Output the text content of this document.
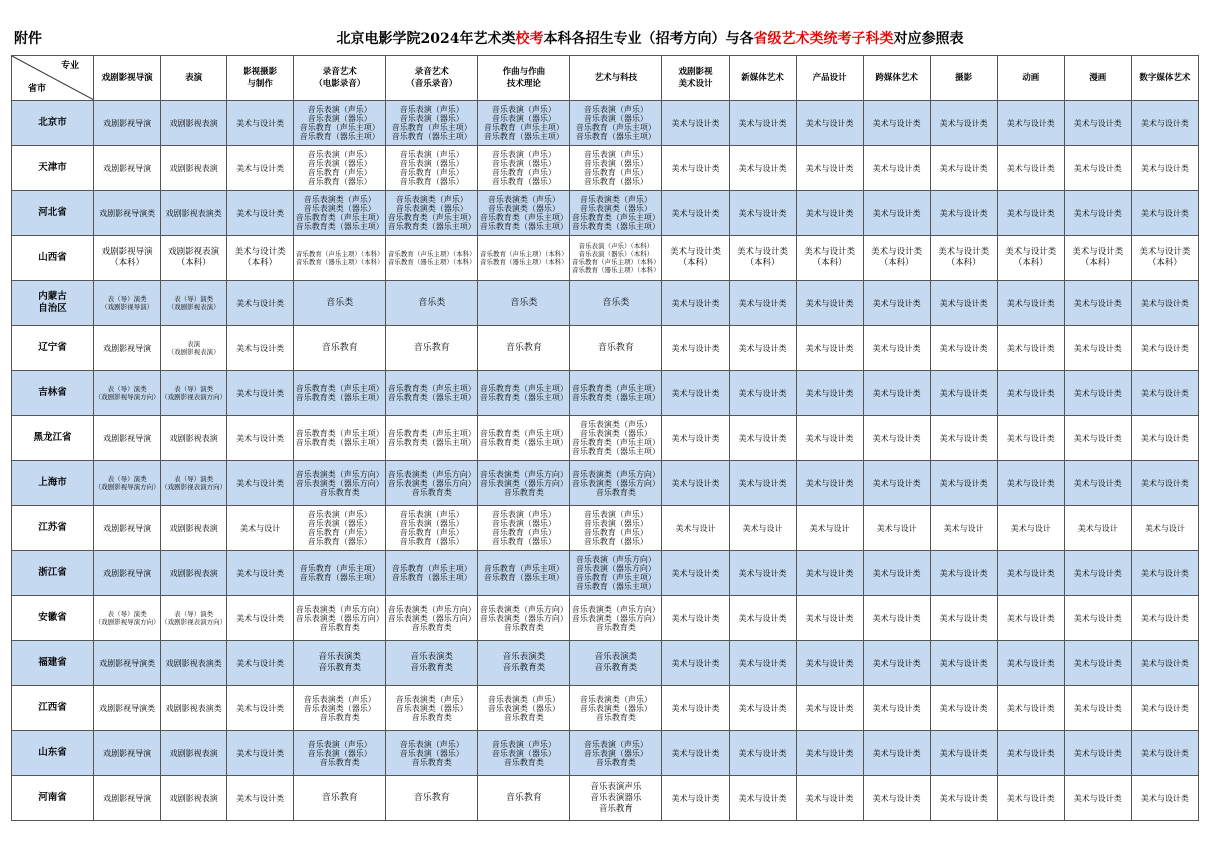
附件	北京电影学院2024年艺术类校考本科各招生专业（招考方向）与各省级艺术类统考子科类对应参照表
专业
省市	戏剧影视导演	表演	影视摄影
与制作	录音艺术
（电影录音）	录音艺术
（音乐录音）	作曲与作曲
技术理论	艺术与科技	戏剧影视
美术设计	新媒体艺术	产品设计	跨媒体艺术	摄影	动画	漫画	数字媒体艺术

北京市	戏剧影视导演	戏剧影视表演	美术与设计类	音乐表演（声乐）
音乐表演（器乐）
音乐教育（声乐主项）
音乐教育（器乐主项）	音乐表演（声乐）
音乐表演（器乐）
音乐教育（声乐主项）
音乐教育（器乐主项）	音乐表演（声乐）
音乐表演（器乐）
音乐教育（声乐主项）
音乐教育（器乐主项）	音乐表演（声乐）
音乐表演（器乐）
音乐教育（声乐主项）
音乐教育（器乐主项）	美术与设计类	美术与设计类	美术与设计类	美术与设计类	美术与设计类	美术与设计类	美术与设计类	美术与设计类

天津市	戏剧影视导演	戏剧影视表演	美术与设计类	音乐表演（声乐）
音乐表演（器乐）
音乐教育（声乐）
音乐教育（器乐）	音乐表演（声乐）
音乐表演（器乐）
音乐教育（声乐）
音乐教育（器乐）	音乐表演（声乐）
音乐表演（器乐）
音乐教育（声乐）
音乐教育（器乐）	音乐表演（声乐）
音乐表演（器乐）
音乐教育（声乐）
音乐教育（器乐）	美术与设计类	美术与设计类	美术与设计类	美术与设计类	美术与设计类	美术与设计类	美术与设计类	美术与设计类

河北省	戏剧影视导演类	戏剧影视表演类	美术与设计类	音乐表演类（声乐）
音乐表演类（器乐）
音乐教育类（声乐主项）
音乐教育类（器乐主项）	音乐表演类（声乐）
音乐表演类（器乐）
音乐教育类（声乐主项）
音乐教育类（器乐主项）	音乐表演类（声乐）
音乐表演类（器乐）
音乐教育类（声乐主项）
音乐教育类（器乐主项）	音乐表演类（声乐）
音乐表演类（器乐）
音乐教育类（声乐主项）
音乐教育类（器乐主项）	美术与设计类	美术与设计类	美术与设计类	美术与设计类	美术与设计类	美术与设计类	美术与设计类	美术与设计类

山西省	戏剧影视导演
（本科）	戏剧影视表演
（本科）	美术与设计类
（本科）	音乐教育（声乐主项）（本科）
音乐教育（器乐主项）（本科）	音乐教育（声乐主项）（本科）
音乐教育（器乐主项）（本科）	音乐教育（声乐主项）（本科）
音乐教育（器乐主项）（本科）	音乐表演（声乐）（本科）
音乐表演（器乐）（本科）
音乐教育（声乐主项）（本科）
音乐教育（器乐主项）（本科）	美术与设计类
（本科）	美术与设计类
（本科）	美术与设计类
（本科）	美术与设计类
（本科）	美术与设计类
（本科）	美术与设计类
（本科）	美术与设计类
（本科）	美术与设计类
（本科）

内蒙古
自治区	表（导）演类
（戏剧影视导演）	表（导）演类
（戏剧影视表演）	美术与设计类	音乐类	音乐类	音乐类	音乐类	美术与设计类	美术与设计类	美术与设计类	美术与设计类	美术与设计类	美术与设计类	美术与设计类	美术与设计类

辽宁省	戏剧影视导演	表演
（戏剧影视表演）	美术与设计类	音乐教育	音乐教育	音乐教育	音乐教育	美术与设计类	美术与设计类	美术与设计类	美术与设计类	美术与设计类	美术与设计类	美术与设计类	美术与设计类

吉林省	表（导）演类
（戏剧影视导演方向）	表（导）演类
（戏剧影视表演方向）	美术与设计类	音乐教育类（声乐主项）
音乐教育类（器乐主项）	音乐教育类（声乐主项）
音乐教育类（器乐主项）	音乐教育类（声乐主项）
音乐教育类（器乐主项）	音乐教育类（声乐主项）
音乐教育类（器乐主项）	美术与设计类	美术与设计类	美术与设计类	美术与设计类	美术与设计类	美术与设计类	美术与设计类	美术与设计类

黑龙江省	戏剧影视导演	戏剧影视表演	美术与设计类	音乐教育类（声乐主项）
音乐教育类（器乐主项）	音乐教育类（声乐主项）
音乐教育类（器乐主项）	音乐教育类（声乐主项）
音乐教育类（器乐主项）	音乐表演类（声乐）
音乐表演类（器乐）
音乐教育类（声乐主项）
音乐教育类（器乐主项）	美术与设计类	美术与设计类	美术与设计类	美术与设计类	美术与设计类	美术与设计类	美术与设计类	美术与设计类

上海市	表（导）演类
（戏剧影视导演方向）	表（导）演类
（戏剧影视表演方向）	美术与设计类	音乐表演类（声乐方向）
音乐表演类（器乐方向）
音乐教育类	音乐表演类（声乐方向）
音乐表演类（器乐方向）
音乐教育类	音乐表演类（声乐方向）
音乐表演类（器乐方向）
音乐教育类	音乐表演类（声乐方向）
音乐表演类（器乐方向）
音乐教育类	美术与设计类	美术与设计类	美术与设计类	美术与设计类	美术与设计类	美术与设计类	美术与设计类	美术与设计类

江苏省	戏剧影视导演	戏剧影视表演	美术与设计	音乐表演（声乐）
音乐表演（器乐）
音乐教育（声乐）
音乐教育（器乐）	音乐表演（声乐）
音乐表演（器乐）
音乐教育（声乐）
音乐教育（器乐）	音乐表演（声乐）
音乐表演（器乐）
音乐教育（声乐）
音乐教育（器乐）	音乐表演（声乐）
音乐表演（器乐）
音乐教育（声乐）
音乐教育（器乐）	美术与设计	美术与设计	美术与设计	美术与设计	美术与设计	美术与设计	美术与设计	美术与设计

浙江省	戏剧影视导演	戏剧影视表演	美术与设计类	音乐教育（声乐主项）
音乐教育（器乐主项）	音乐教育（声乐主项）
音乐教育（器乐主项）	音乐教育（声乐主项）
音乐教育（器乐主项）	音乐表演（声乐方向）
音乐表演（器乐方向）
音乐教育（声乐主项）
音乐教育（器乐主项）	美术与设计类	美术与设计类	美术与设计类	美术与设计类	美术与设计类	美术与设计类	美术与设计类	美术与设计类

安徽省	表（导）演类
（戏剧影视导演方向）	表（导）演类
（戏剧影视表演方向）	美术与设计类	音乐表演类（声乐方向）
音乐表演类（器乐方向）
音乐教育类	音乐表演类（声乐方向）
音乐表演类（器乐方向）
音乐教育类	音乐表演类（声乐方向）
音乐表演类（器乐方向）
音乐教育类	音乐表演类（声乐方向）
音乐表演类（器乐方向）
音乐教育类	美术与设计类	美术与设计类	美术与设计类	美术与设计类	美术与设计类	美术与设计类	美术与设计类	美术与设计类

福建省	戏剧影视导演类	戏剧影视表演类	美术与设计类	音乐表演类
音乐教育类	音乐表演类
音乐教育类	音乐表演类
音乐教育类	音乐表演类
音乐教育类	美术与设计类	美术与设计类	美术与设计类	美术与设计类	美术与设计类	美术与设计类	美术与设计类	美术与设计类

江西省	戏剧影视导演类	戏剧影视表演类	美术与设计类	音乐表演类（声乐）
音乐表演类（器乐）
音乐教育类	音乐表演类（声乐）
音乐表演类（器乐）
音乐教育类	音乐表演类（声乐）
音乐表演类（器乐）
音乐教育类	音乐表演类（声乐）
音乐表演类（器乐）
音乐教育类	美术与设计类	美术与设计类	美术与设计类	美术与设计类	美术与设计类	美术与设计类	美术与设计类	美术与设计类

山东省	戏剧影视导演	戏剧影视表演	美术与设计类	音乐表演（声乐）
音乐表演（器乐）
音乐教育类	音乐表演（声乐）
音乐表演（器乐）
音乐教育类	音乐表演（声乐）
音乐表演（器乐）
音乐教育类	音乐表演（声乐）
音乐表演（器乐）
音乐教育类	美术与设计类	美术与设计类	美术与设计类	美术与设计类	美术与设计类	美术与设计类	美术与设计类	美术与设计类

河南省	戏剧影视导演	戏剧影视表演	美术与设计类	音乐教育	音乐教育	音乐教育	音乐表演声乐
音乐表演器乐
音乐教育	美术与设计类	美术与设计类	美术与设计类	美术与设计类	美术与设计类	美术与设计类	美术与设计类	美术与设计类
